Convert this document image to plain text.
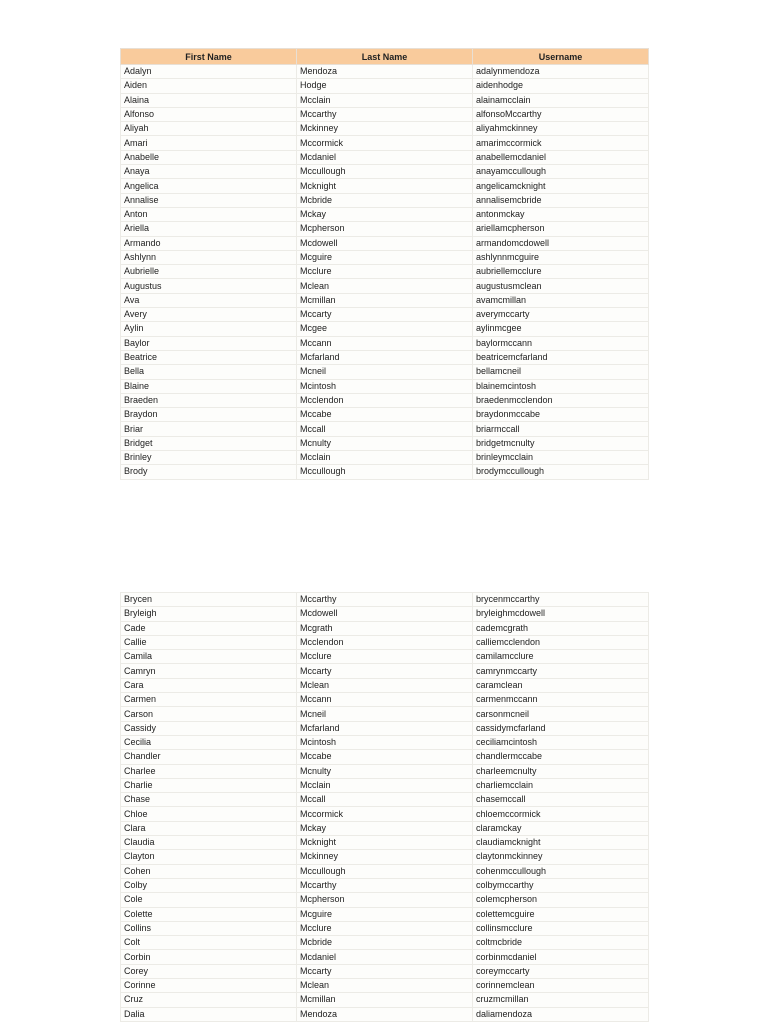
First Name	Last Name	Username
Adalyn	Mendoza	adalynmendoza
Aiden	Hodge	aidenhodge
Alaina	Mcclain	alainamcclain
Alfonso	Mccarthy	alfonsoMccarthy
Aliyah	Mckinney	aliyahmckinney
Amari	Mccormick	amarimccormick
Anabelle	Mcdaniel	anabellemcdaniel
Anaya	Mccullough	anayamccullough
Angelica	Mcknight	angelicamcknight
Annalise	Mcbride	annalisemcbride
Anton	Mckay	antonmckay
Ariella	Mcpherson	ariellamcpherson
Armando	Mcdowell	armandomcdowell
Ashlynn	Mcguire	ashlynnmcguire
Aubrielle	Mcclure	aubriellemcclure
Augustus	Mclean	augustusmclean
Ava	Mcmillan	avamcmillan
Avery	Mccarty	averymccarty
Aylin	Mcgee	aylinmcgee
Baylor	Mccann	baylormccann
Beatrice	Mcfarland	beatricemcfarland
Bella	Mcneil	bellamcneil
Blaine	Mcintosh	blainemcintosh
Braeden	Mcclendon	braedenmcclendon
Braydon	Mccabe	braydonmccabe
Briar	Mccall	briarmccall
Bridget	Mcnulty	bridgetmcnulty
Brinley	Mcclain	brinleymcclain
Brody	Mccullough	brodymccullough
Brycen	Mccarthy	brycenmccarthy
Bryleigh	Mcdowell	bryleighmcdowell
Cade	Mcgrath	cademcgrath
Callie	Mcclendon	calliemcclendon
Camila	Mcclure	camilamcclure
Camryn	Mccarty	camrynmccarty
Cara	Mclean	caramclean
Carmen	Mccann	carmenmccann
Carson	Mcneil	carsonmcneil
Cassidy	Mcfarland	cassidymcfarland
Cecilia	Mcintosh	ceciliamcintosh
Chandler	Mccabe	chandlermccabe
Charlee	Mcnulty	charleemcnulty
Charlie	Mcclain	charliemcclain
Chase	Mccall	chasemccall
Chloe	Mccormick	chloemccormick
Clara	Mckay	claramckay
Claudia	Mcknight	claudiamcknight
Clayton	Mckinney	claytonmckinney
Cohen	Mccullough	cohenmccullough
Colby	Mccarthy	colbymccarthy
Cole	Mcpherson	colemcpherson
Colette	Mcguire	colettemcguire
Collins	Mcclure	collinsmcclure
Colt	Mcbride	coltmcbride
Corbin	Mcdaniel	corbinmcdaniel
Corey	Mccarty	coreymccarty
Corinne	Mclean	corinnemclean
Cruz	Mcmillan	cruzmcmillan
Dalia	Mendoza	daliamendoza
